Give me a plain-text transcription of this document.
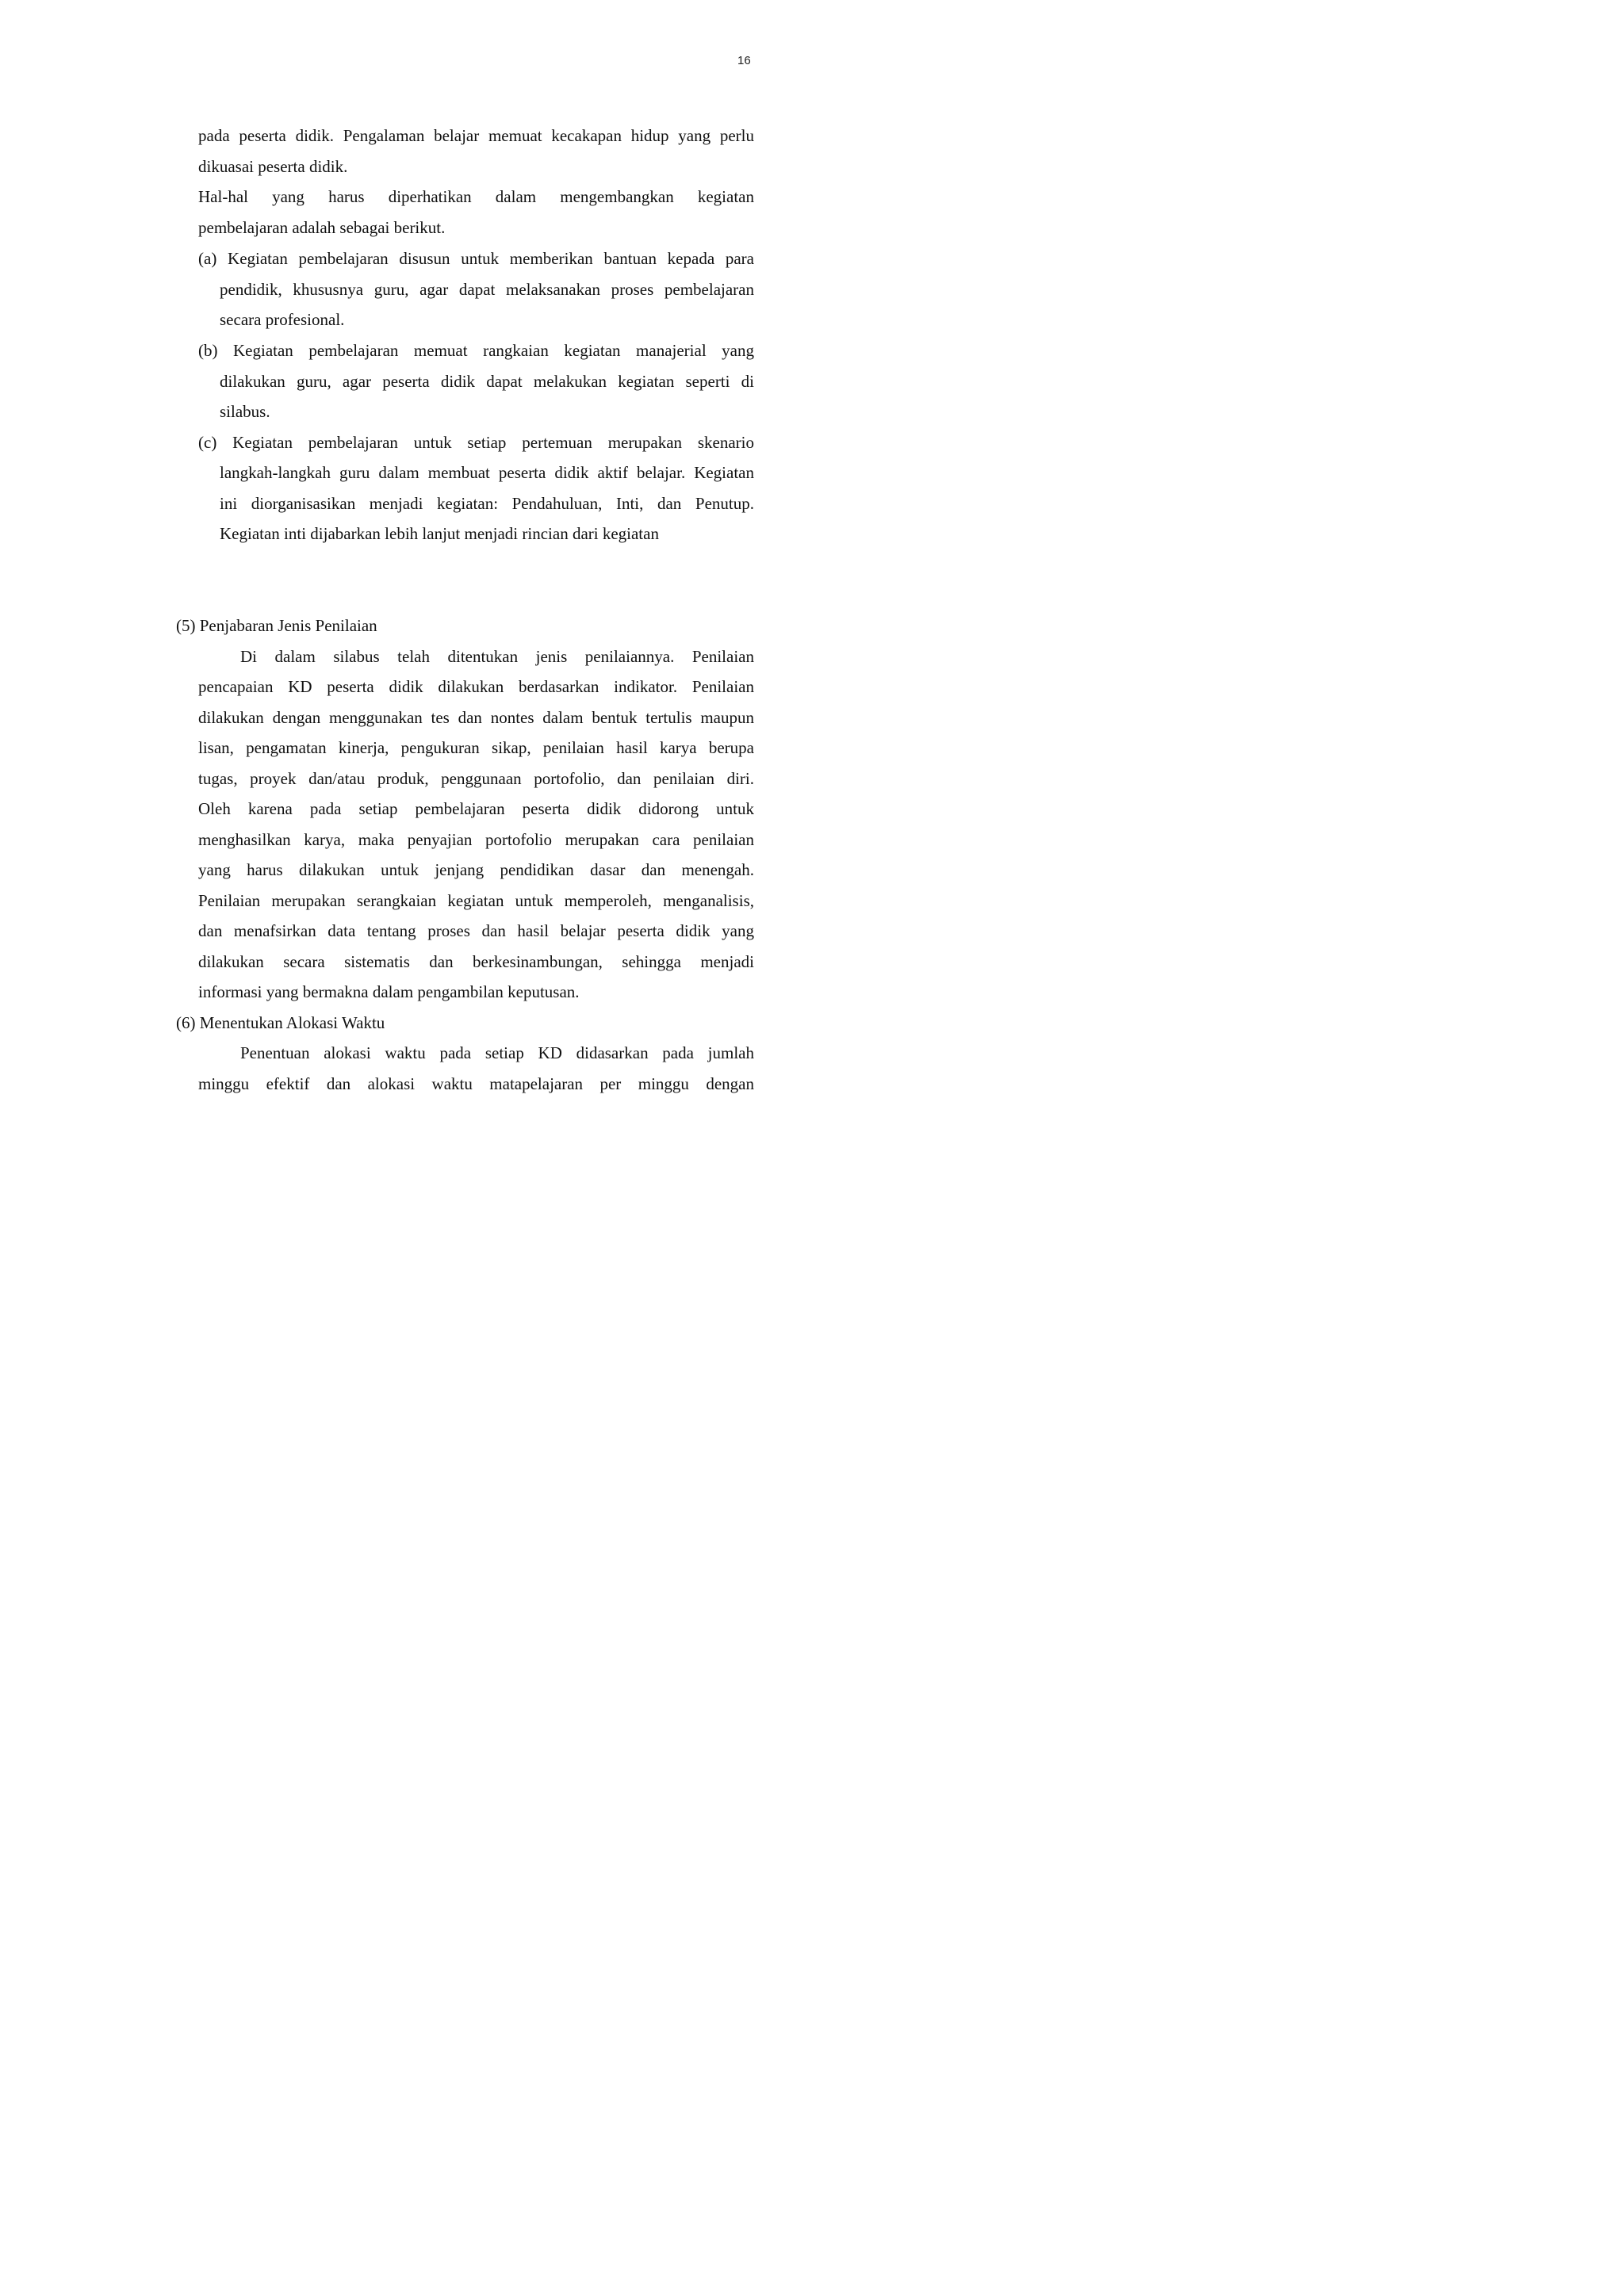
16
pada peserta didik. Pengalaman belajar memuat kecakapan hidup yang perlu
dikuasai peserta didik.
Hal-hal yang harus diperhatikan dalam mengembangkan kegiatan
pembelajaran adalah sebagai berikut.
(a) Kegiatan pembelajaran disusun untuk memberikan bantuan kepada para
pendidik, khususnya guru, agar dapat melaksanakan proses pembelajaran
secara profesional.
(b) Kegiatan pembelajaran memuat rangkaian kegiatan manajerial yang
dilakukan guru, agar peserta didik dapat melakukan kegiatan seperti di
silabus.
(c) Kegiatan pembelajaran untuk setiap pertemuan merupakan skenario
langkah-langkah guru dalam membuat peserta didik aktif belajar. Kegiatan
ini diorganisasikan menjadi kegiatan: Pendahuluan, Inti, dan Penutup.
Kegiatan inti dijabarkan lebih lanjut menjadi rincian dari kegiatan
(5) Penjabaran Jenis Penilaian
Di dalam silabus telah ditentukan jenis penilaiannya. Penilaian
pencapaian KD peserta didik dilakukan berdasarkan indikator. Penilaian
dilakukan dengan menggunakan tes dan nontes dalam bentuk tertulis maupun
lisan, pengamatan kinerja, pengukuran sikap, penilaian hasil karya berupa
tugas, proyek dan/atau produk, penggunaan portofolio, dan penilaian diri.
Oleh karena pada setiap pembelajaran peserta didik didorong untuk
menghasilkan karya, maka penyajian portofolio merupakan cara penilaian
yang harus dilakukan untuk jenjang pendidikan dasar dan menengah.
Penilaian merupakan serangkaian kegiatan untuk memperoleh, menganalisis,
dan menafsirkan data tentang proses dan hasil belajar peserta didik yang
dilakukan secara sistematis dan berkesinambungan, sehingga menjadi
informasi yang bermakna dalam pengambilan keputusan.
(6) Menentukan Alokasi Waktu
Penentuan alokasi waktu pada setiap KD didasarkan pada jumlah
minggu efektif dan alokasi waktu matapelajaran per minggu dengan
